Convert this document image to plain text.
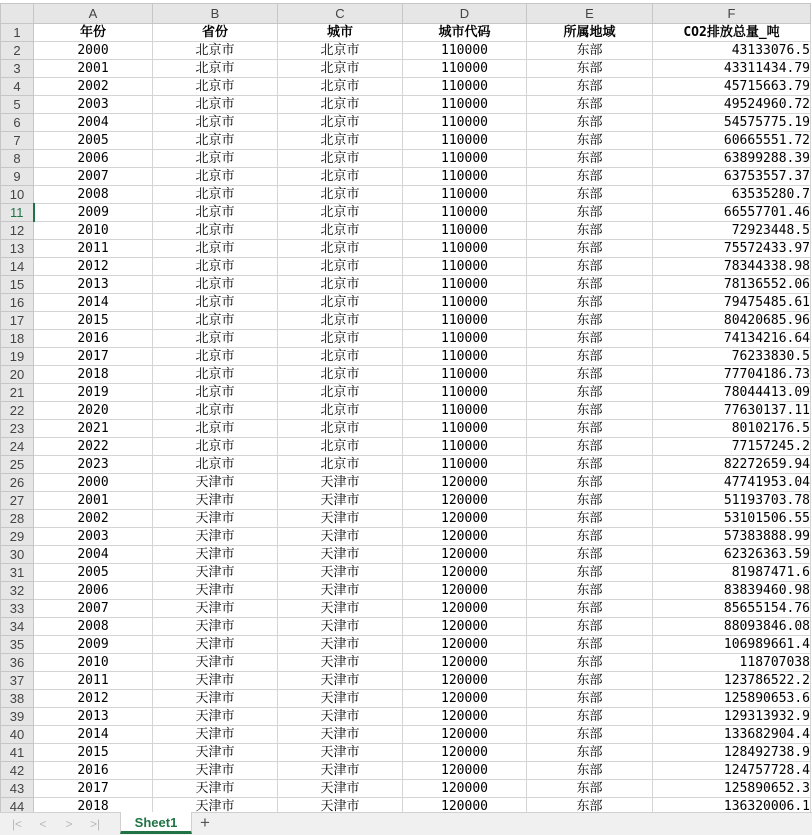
	A	B	C	D	E	F
1	年份	省份	城市	城市代码	所属地域	CO2排放总量_吨
2	2000	北京市	北京市	110000	东部	43133076.5
3	2001	北京市	北京市	110000	东部	43311434.79
4	2002	北京市	北京市	110000	东部	45715663.79
5	2003	北京市	北京市	110000	东部	49524960.72
6	2004	北京市	北京市	110000	东部	54575775.19
7	2005	北京市	北京市	110000	东部	60665551.72
8	2006	北京市	北京市	110000	东部	63899288.39
9	2007	北京市	北京市	110000	东部	63753557.37
10	2008	北京市	北京市	110000	东部	63535280.7
11	2009	北京市	北京市	110000	东部	66557701.46
12	2010	北京市	北京市	110000	东部	72923448.5
13	2011	北京市	北京市	110000	东部	75572433.97
14	2012	北京市	北京市	110000	东部	78344338.98
15	2013	北京市	北京市	110000	东部	78136552.06
16	2014	北京市	北京市	110000	东部	79475485.61
17	2015	北京市	北京市	110000	东部	80420685.96
18	2016	北京市	北京市	110000	东部	74134216.64
19	2017	北京市	北京市	110000	东部	76233830.5
20	2018	北京市	北京市	110000	东部	77704186.73
21	2019	北京市	北京市	110000	东部	78044413.09
22	2020	北京市	北京市	110000	东部	77630137.11
23	2021	北京市	北京市	110000	东部	80102176.5
24	2022	北京市	北京市	110000	东部	77157245.2
25	2023	北京市	北京市	110000	东部	82272659.94
26	2000	天津市	天津市	120000	东部	47741953.04
27	2001	天津市	天津市	120000	东部	51193703.78
28	2002	天津市	天津市	120000	东部	53101506.55
29	2003	天津市	天津市	120000	东部	57383888.99
30	2004	天津市	天津市	120000	东部	62326363.59
31	2005	天津市	天津市	120000	东部	81987471.6
32	2006	天津市	天津市	120000	东部	83839460.98
33	2007	天津市	天津市	120000	东部	85655154.76
34	2008	天津市	天津市	120000	东部	88093846.08
35	2009	天津市	天津市	120000	东部	106989661.4
36	2010	天津市	天津市	120000	东部	118707038
37	2011	天津市	天津市	120000	东部	123786522.2
38	2012	天津市	天津市	120000	东部	125890653.6
39	2013	天津市	天津市	120000	东部	129313932.9
40	2014	天津市	天津市	120000	东部	133682904.4
41	2015	天津市	天津市	120000	东部	128492738.9
42	2016	天津市	天津市	120000	东部	124757728.4
43	2017	天津市	天津市	120000	东部	125890652.3
44	2018	天津市	天津市	120000	东部	136320006.1
|<	<	>	>|	Sheet1	+
